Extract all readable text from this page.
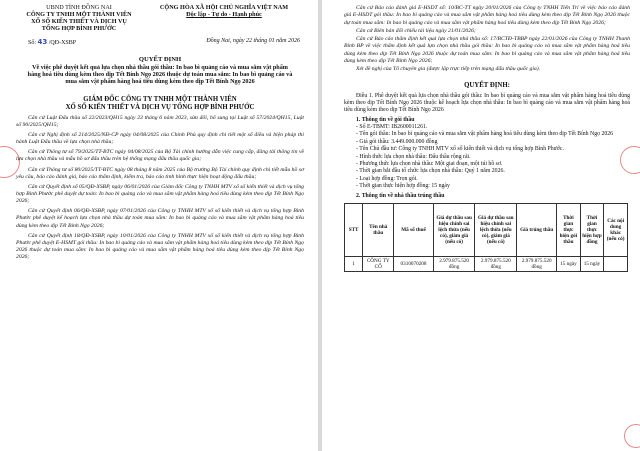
UBND TỈNH ĐỒNG NAI
CÔNG TY TNHH MỘT THÀNH VIÊN
XỔ SỐ KIẾN THIẾT VÀ DỊCH VỤ
TỔNG HỢP BÌNH PHƯỚC
CỘNG HÒA XÃ HỘI CHỦ NGHĨA VIỆT NAM
Độc lập - Tự do - Hạnh phúc
Số: 43 /QĐ-XSBP	Đồng Nai, ngày 22 tháng 01 năm 2026
QUYẾT ĐỊNH
Về việc phê duyệt kết quả lựa chọn nhà thầu gói thầu: In bao bì quảng cáo và mua sắm vật phẩm hàng hoá tiêu dùng kèm theo dịp Tết Bính Ngọ 2026 thuộc dự toán mua sắm: In bao bì quảng cáo và mua sắm vật phẩm hàng hoá tiêu dùng kèm theo dịp Tết Bính Ngọ 2026
GIÁM ĐỐC CÔNG TY TNHH MỘT THÀNH VIÊN
XỔ SỐ KIẾN THIẾT VÀ DỊCH VỤ TỔNG HỢP BÌNH PHƯỚC
Căn cứ Luật Đấu thầu số 22/2023/QH15 ngày 23 tháng 6 năm 2023, sửa đổi, bổ sung tại Luật số 57/2024/QH15, Luật số 90/2025/QH15;
Căn cứ Nghị định số 214/2025/NĐ-CP ngày 04/08/2025 của Chính Phủ quy định chi tiết một số điều và biện pháp thi hành Luật Đấu thầu về lựa chọn nhà thầu;
Căn cứ Thông tư số 79/2025/TT-BTC ngày 04/08/2025 của Bộ Tài chính hướng dẫn việc cung cấp, đăng tải thông tin về lựa chọn nhà thầu và mẫu hồ sơ đấu thầu trên hệ thống mạng đấu thầu quốc gia;
Căn cứ Thông tư số 80/2025/TT-BTC ngày 08 tháng 8 năm 2025 của Bộ trưởng Bộ Tài chính quy định chi tiết mẫu hồ sơ yêu cầu, báo cáo đánh giá, báo cáo thẩm định, kiểm tra, báo cáo tình hình thực hiện hoạt động đấu thầu;
Căn cứ Quyết định số 05/QĐ-XSBP, ngày 06/01/2026 của Giám đốc Công ty TNHH MTV xổ số kiến thiết và dịch vụ tổng hợp Bình Phước phê duyệt dự toán: In bao bì quảng cáo và mua sắm vật phẩm hàng hoá tiêu dùng kèm theo dịp Tết Bính Ngọ 2026;
Căn cứ Quyết định 06/QĐ-XSBP, ngày 07/01/2026 của Công ty TNHH MTV xổ số kiến thiết và dịch vụ tổng hợp Bình Phước phê duyệt kế hoạch lựa chọn nhà thầu dự toán mua sắm: In bao bì quảng cáo và mua sắm vật phẩm hàng hoá tiêu dùng kèm theo dịp Tết Bính Ngọ 2026;
Căn cứ Quyết định 18/QĐ-XSBP, ngày 10/01/2026 của Công ty TNHH MTV xổ số kiến thiết và dịch vụ tổng hợp Bình Phước phê duyệt E-HSMT gói thầu: In bao bì quảng cáo và mua sắm vật phẩm hàng hoá tiêu dùng kèm theo dịp Tết Bính Ngọ 2026 thuộc dự toán mua sắm: In bao bì quảng cáo và mua sắm vật phẩm hàng hoá tiêu dùng kèm theo dịp Tết Bính Ngọ 2026;
Căn cứ Báo cáo đánh giá E-HSDT số: 10/BC-TT ngày 20/01/2026 của Công ty TNHH Tiến Trí về việc báo cáo đánh giá E-HSDT gói thầu: In bao bì quảng cáo và mua sắm vật phẩm hàng hoá tiêu dùng kèm theo dịp Tết Bính Ngọ 2026 thuộc dự toán mua sắm: In bao bì quảng cáo và mua sắm vật phẩm hàng hoá tiêu dùng kèm theo dịp Tết Bính Ngọ 2026;
Căn cứ Biên bản đối chiếu tài liệu ngày 21/01/2026;
Căn cứ Báo cáo thẩm định kết quả lựa chọn nhà thầu số: 17/BCTĐ-TBBP ngày 22/01/2026 của Công ty TNHH Thanh Bình BP về việc thẩm định kết quả lựa chọn nhà thầu gói thầu: In bao bì quảng cáo và mua sắm vật phẩm hàng hoá tiêu dùng kèm theo dịp Tết Bính Ngọ 2026 thuộc dự toán mua sắm: In bao bì quảng cáo và mua sắm vật phẩm hàng hoá tiêu dùng kèm theo dịp Tết Bính Ngọ 2026;
Xét đề nghị của Tổ chuyên gia (được lập trực tiếp trên mạng đấu thầu quốc gia).
QUYẾT ĐỊNH:
Điều 1. Phê duyệt kết quả lựa chọn nhà thầu gói thầu: In bao bì quảng cáo và mua sắm vật phẩm hàng hoá tiêu dùng kèm theo dịp Tết Bính Ngọ 2026 thuộc kế hoạch lựa chọn nhà thầu: In bao bì quảng cáo và mua sắm vật phẩm hàng hoá tiêu dùng kèm theo dịp Tết Bính Ngọ 2026
1. Thông tin về gói thầu
- Số E-TBMT: IB2600011261.
- Tên gói thầu: In bao bì quảng cáo và mua sắm vật phẩm hàng hoá tiêu dùng kèm theo dịp Tết Bính Ngọ 2026
- Giá gói thầu: 3.449.000.000 đồng
- Tên Chủ đầu tư: Công ty TNHH MTV xổ số kiến thiết và dịch vụ tổng hợp Bình Phước.
- Hình thức lựa chọn nhà thầu: Đấu thầu rộng rãi.
- Phương thức lựa chọn nhà thầu: Một giai đoạn, một túi hồ sơ.
- Thời gian bắt đầu tổ chức lựa chọn nhà thầu: Quý 1 năm 2026.
- Loại hợp đồng: Trọn gói.
- Thời gian thực hiện hợp đồng: 15 ngày
2. Thông tin về nhà thầu trúng thầu
STT	Tên nhà thầu	Mã số thuế	Giá dự thầu sau hiệu chính sai lệch thừa (nếu có), giảm giá (nếu có)	Giá dự thầu sau hiệu chỉnh sai lệch thừa (nếu có), giảm giá (nếu có)	Giá trúng thầu	Thời gian thực hiện gói thầu	Thời gian thực hiện hợp đồng	Các nội dung khác (nếu có)
1	CÔNG TY CỔ	0310070208	2.979.875.520 đồng	2.979.875.520 đồng	2.979.875.520 đồng	15 ngày	15 ngày	
